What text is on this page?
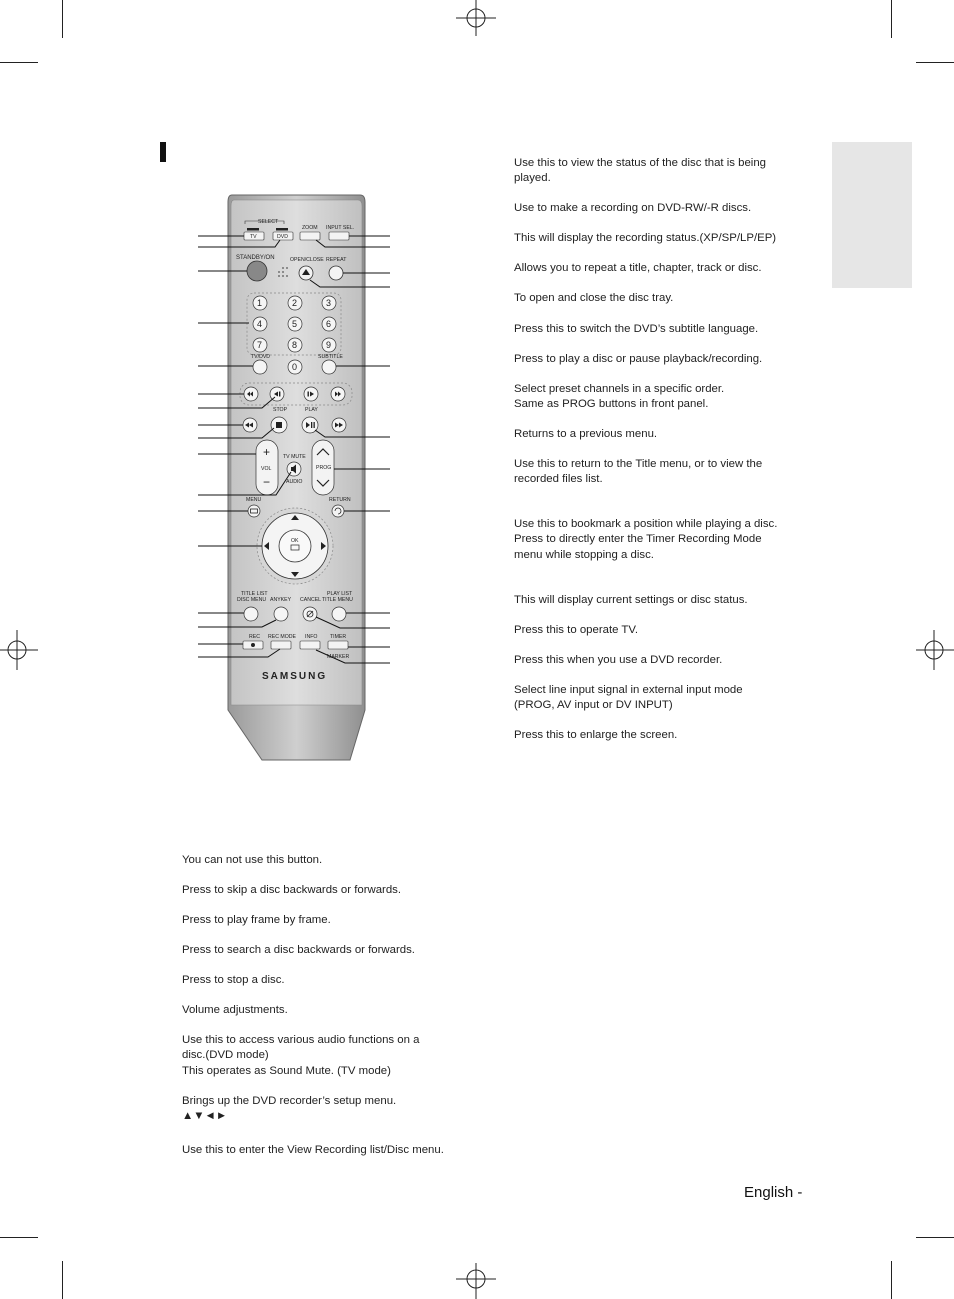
SELECT
TV	DVD
ZOOM INPUT SEL.
STANDBY/ON	OPEN/CLOSE REPEAT
1	2	3
4	5	6
7	8	9
0
TV/DVD	SUBTITLE
STOP	PLAY
+
−
VOL
TV MUTE
AUDIO
PROG
MENU	RETURN
OK
TITLE LIST
DISC MENU ANYKEY CANCEL
PLAY LIST
TITLE MENU
REC REC MODE INFO TIMER
MARKER
SAMSUNG
Use this to view the status of the disc that is being played.
Use to make a recording on DVD-RW/-R discs.
This will display the recording status.(XP/SP/LP/EP)
Allows you to repeat a title, chapter, track or disc.
To open and close the disc tray.
Press this to switch the DVD’s subtitle language.
Press to play a disc or pause playback/recording.
Select preset channels in a specific order.
Same as PROG buttons in front panel.
Returns to a previous menu.
Use this to return to the Title menu, or to view the recorded files list.
Use this to bookmark a position while playing a disc.
Press to directly enter the Timer Recording Mode menu while stopping a disc.
This will display current settings or disc status.
Press this to operate TV.
Press this when you use a DVD recorder.
Select line input signal in external input mode (PROG, AV input or DV INPUT)
Press this to enlarge the screen.
You can not use this button.
Press to skip a disc backwards or forwards.
Press to play frame by frame.
Press to search a disc backwards or forwards.
Press to stop a disc.
Volume adjustments.
Use this to access various audio functions on a disc.(DVD mode)
This operates as Sound Mute. (TV mode)
Brings up the DVD recorder’s setup menu.
▲▼◄►
Use this to enter the View Recording list/Disc menu.
English -
